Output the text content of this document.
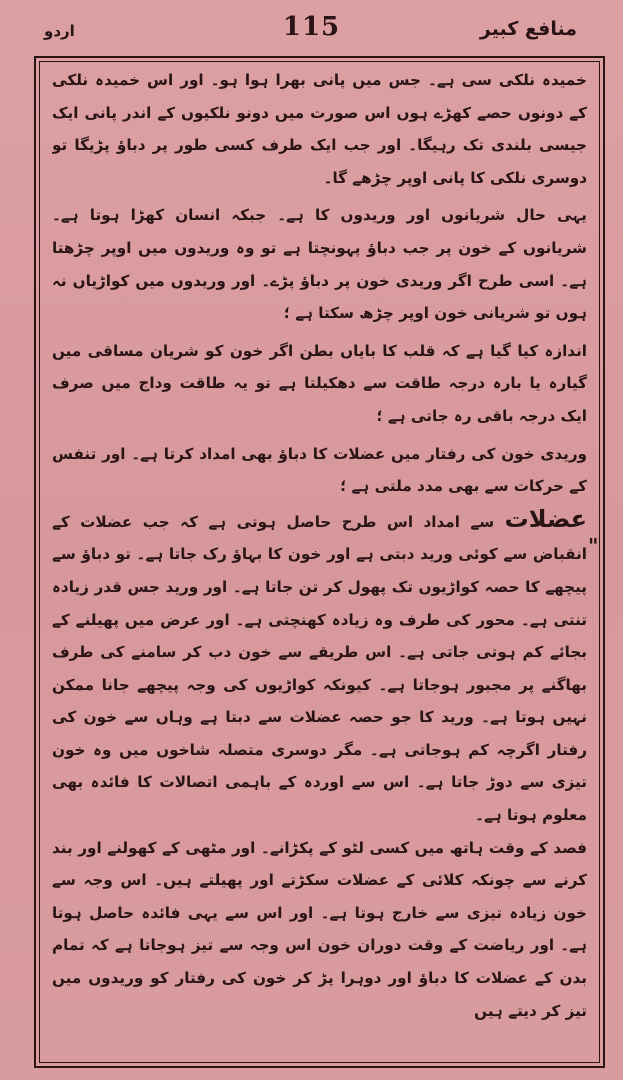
منافع کبیر
115
اردو
"

خمیدہ نلکی سی ہے۔ جس میں پانی بھرا ہوا ہو۔ اور اس خمیدہ نلکی کے دونوں حصے کھڑے ہوں اس صورت میں دونو نلکیوں کے اندر پانی ایک جیسی بلندی تک رہیگا۔ اور جب ایک طرف کسی طور پر دباؤ پڑیگا تو دوسری نلکی کا پانی اوپر چڑھے گا۔

یہی حال شریانوں اور وریدوں کا ہے۔ جبکہ انسان کھڑا ہوتا ہے۔ شریانوں کے خون پر جب دباؤ پہونچتا ہے تو وہ وریدوں میں اوپر چڑھتا ہے۔ اسی طرح اگر وریدی خون پر دباؤ پڑے۔ اور وریدوں میں کواڑیاں نہ ہوں تو شریانی خون اوپر چڑھ سکتا ہے ؛

اندازہ کیا گیا ہے کہ قلب کا بایاں بطن اگر خون کو شریان مساقی میں گیارہ یا بارہ درجہ طاقت سے دھکیلتا ہے تو یہ طاقت وداج میں صرف ایک درجہ باقی رہ جاتی ہے ؛

وریدی خون کی رفتار میں عضلات کا دباؤ بھی امداد کرتا ہے۔ اور تنفس کے حرکات سے بھی مدد ملتی ہے ؛

عضلات سے امداد اس طرح حاصل ہوتی ہے کہ جب عضلات کے انقباض سے کوئی ورید دبتی ہے اور خون کا بہاؤ رک جاتا ہے۔ تو دباؤ سے پیچھے کا حصہ کواڑیوں تک پھول کر تن جاتا ہے۔ اور ورید جس قدر زیادہ تنتی ہے۔ محور کی طرف وہ زیادہ کھنچتی ہے۔ اور عرض میں پھیلنے کے بجائے کم ہوتی جاتی ہے۔ اس طریقے سے خون دب کر سامنے کی طرف بھاگنے پر مجبور ہوجاتا ہے۔ کیونکہ کواڑیوں کی وجہ پیچھے جانا ممکن نہیں ہوتا ہے۔ ورید کا جو حصہ عضلات سے دبتا ہے وہاں سے خون کی رفتار اگرچہ کم ہوجاتی ہے۔ مگر دوسری متصلہ شاخوں میں وہ خون تیزی سے دوڑ جاتا ہے۔ اس سے اوردہ کے باہمی اتصالات کا فائدہ بھی معلوم ہوتا ہے۔

فصد کے وقت ہاتھ میں کسی لٹو کے پکڑانے۔ اور مٹھی کے کھولنے اور بند کرنے سے چونکہ کلائی کے عضلات سکڑتے اور پھیلتے ہیں۔ اس وجہ سے خون زیادہ تیزی سے خارج ہوتا ہے۔ اور اس سے یہی فائدہ حاصل ہوتا ہے۔ اور ریاضت کے وقت دوران خون اس وجہ سے تیز ہوجاتا ہے کہ تمام بدن کے عضلات کا دباؤ اور دوہرا پڑ کر خون کی رفتار کو وریدوں میں تیز کر دیتے ہیں
